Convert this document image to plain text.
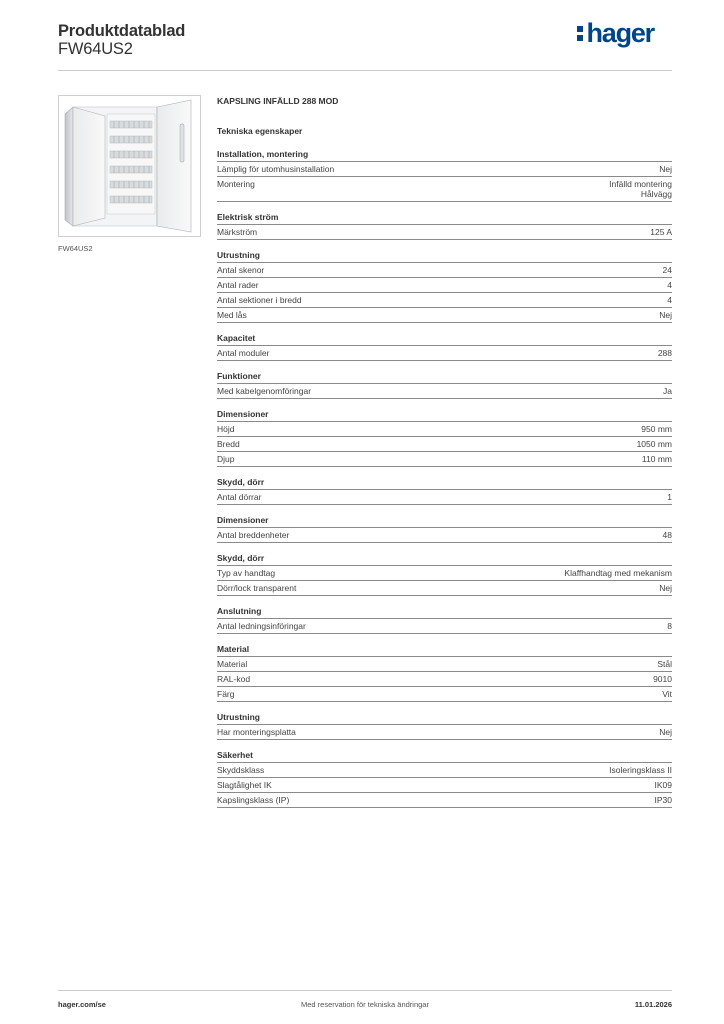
Produktdatablad
FW64US2
hager
FW64US2
KAPSLING INFÄLLD 288 MOD
Tekniska egenskaper
Installation, montering
Lämplig för utomhusinstallation	Nej
Montering	Infälld montering
Hålvägg
Elektrisk ström
Märkström	125 A
Utrustning
Antal skenor	24
Antal rader	4
Antal sektioner i bredd	4
Med lås	Nej
Kapacitet
Antal moduler	288
Funktioner
Med kabelgenomföringar	Ja
Dimensioner
Höjd	950 mm
Bredd	1050 mm
Djup	110 mm
Skydd, dörr
Antal dörrar	1
Dimensioner
Antal breddenheter	48
Skydd, dörr
Typ av handtag	Klaffhandtag med mekanism
Dörr/lock transparent	Nej
Anslutning
Antal ledningsinföringar	8
Material
Material	Stål
RAL-kod	9010
Färg	Vit
Utrustning
Har monteringsplatta	Nej
Säkerhet
Skyddsklass	Isoleringsklass II
Slagtålighet IK	IK09
Kapslingsklass (IP)	IP30
hager.com/se	Med reservation för tekniska ändringar	11.01.2026
